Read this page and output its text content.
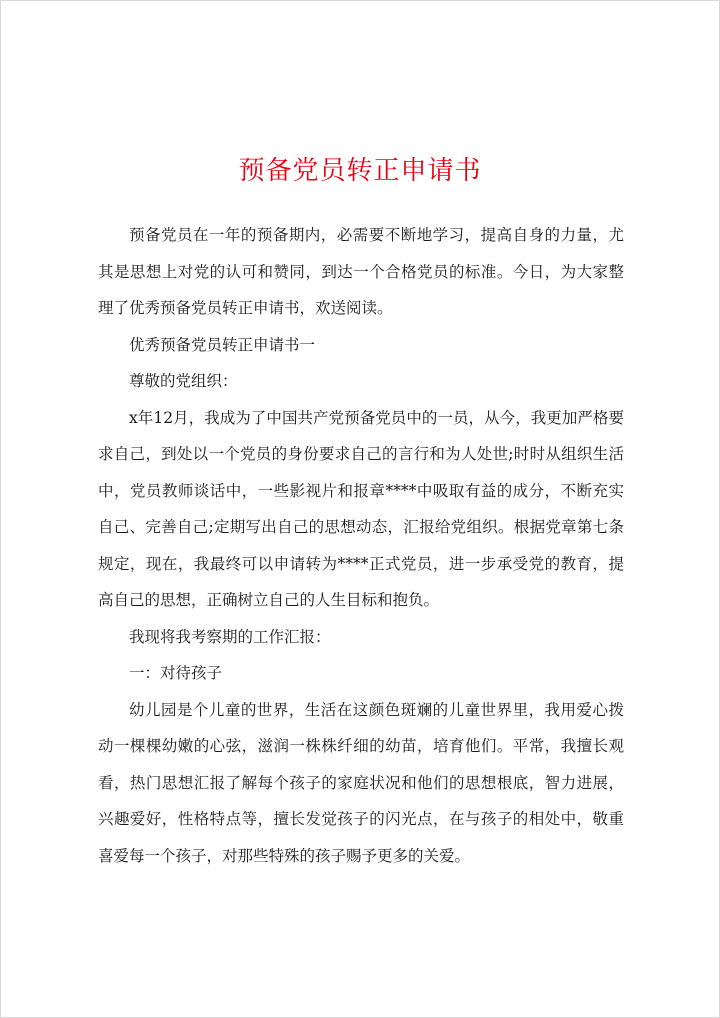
预备党员转正申请书

预备党员在一年的预备期内，必需要不断地学习，提高自身的力量，尤其是思想上对党的认可和赞同，到达一个合格党员的标准。今日，为大家整理了优秀预备党员转正申请书，欢送阅读。

优秀预备党员转正申请书一

尊敬的党组织：

x年12月，我成为了中国共产党预备党员中的一员，从今，我更加严格要求自己，到处以一个党员的身份要求自己的言行和为人处世;时时从组织生活中，党员教师谈话中，一些影视片和报章****中吸取有益的成分，不断充实自己、完善自己;定期写出自己的思想动态，汇报给党组织。根据党章第七条规定，现在，我最终可以申请转为****正式党员，进一步承受党的教育，提高自己的思想，正确树立自己的人生目标和抱负。

我现将我考察期的工作汇报：

一：对待孩子

幼儿园是个儿童的世界，生活在这颜色斑斓的儿童世界里，我用爱心拨动一棵棵幼嫩的心弦，滋润一株株纤细的幼苗，培育他们。平常，我擅长观看，热门思想汇报了解每个孩子的家庭状况和他们的思想根底，智力进展，兴趣爱好，性格特点等，擅长发觉孩子的闪光点，在与孩子的相处中，敬重喜爱每一个孩子，对那些特殊的孩子赐予更多的关爱。
